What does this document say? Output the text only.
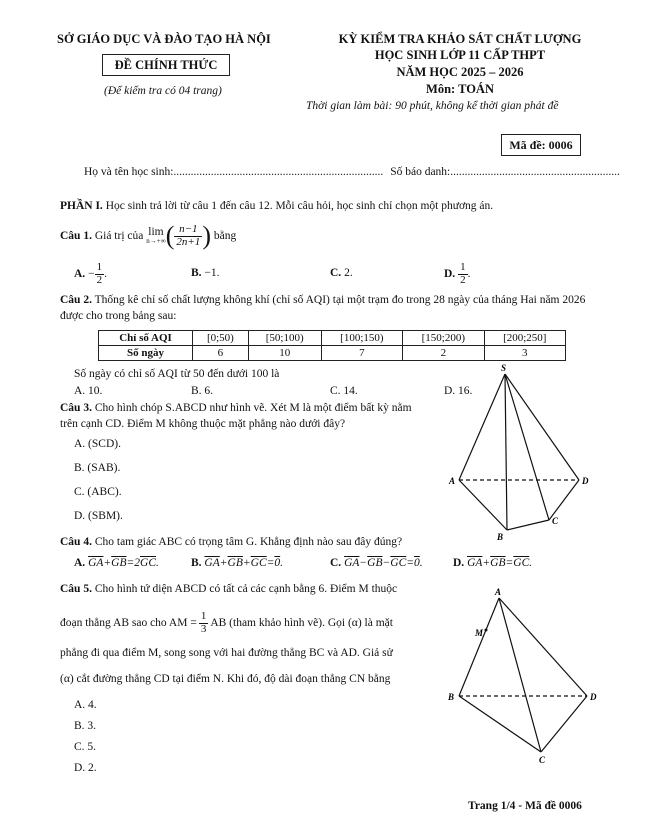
SỞ GIÁO DỤC VÀ ĐÀO TẠO HÀ NỘI
ĐỀ CHÍNH THỨC
(Để kiểm tra có 04 trang)
KỲ KIỂM TRA KHẢO SÁT CHẤT LƯỢNG
HỌC SINH LỚP 11 CẤP THPT
NĂM HỌC 2025 – 2026
Môn: TOÁN
Thời gian làm bài: 90 phút, không kể thời gian phát đề
Mã đề: 0006
Họ và tên học sinh:......................................................................... Số báo danh:...........................................................
PHẦN I. Học sinh trả lời từ câu 1 đến câu 12. Mỗi câu hỏi, học sinh chỉ chọn một phương án.
Câu 1.
Giá trị của
lim
n→+∞ ( $\frac{n-1}{2n+1}$ )
bằng
A.
− $\frac{1}{2}$ .	B. −1.	C. 2.	D.
$\frac{1}{2}$ .
Câu 2. Thống kê chỉ số chất lượng không khí (chỉ số AQI) tại một trạm đo trong 28 ngày của tháng Hai năm 2026 được cho trong bảng sau:
Chỉ số AQI	[0;50)	[50;100)	[100;150)	[150;200)	[200;250]
Số ngày	6	10	7	2	3
Số ngày có chỉ số AQI từ 50 đến dưới 100 là
A. 10.	B. 6.	C. 14.	D. 16.
Câu 3. Cho hình chóp S.ABCD như hình vẽ. Xét M là một điểm bất kỳ nằm
trên cạnh CD. Điểm M không thuộc mặt phẳng nào dưới đây?
A. (SCD).
B. (SAB).
C. (ABC).
D. (SBM).
S
A	D
C
B
Câu 4. Cho tam giác ABC có trọng tâm G. Khẳng định nào sau đây đúng?
A. $\overline{GA}+\overline{GB}=2\overline{GC}$.	B. $\overline{GA}+\overline{GB}+\overline{GC}=0$.	C. $\overline{GA}-\overline{GB}-\overline{GC}=0$.	D. $\overline{GA}+\overline{GB}=\overline{GC}$.
Câu 5. Cho hình tứ diện ABCD có tất cả các cạnh bằng 6. Điểm M thuộc
đoạn thẳng AB sao cho AM = $\frac{1}{3}$ AB (tham khảo hình vẽ). Gọi (α) là mặt
phẳng đi qua điểm M, song song với hai đường thẳng BC và AD. Giả sử
(α) cắt đường thẳng CD tại điểm N. Khi đó, độ dài đoạn thẳng CN bằng
A. 4.
B. 3.
C. 5.
D. 2.
A
M
B	D
C
Trang 1/4 - Mã đề 0006
